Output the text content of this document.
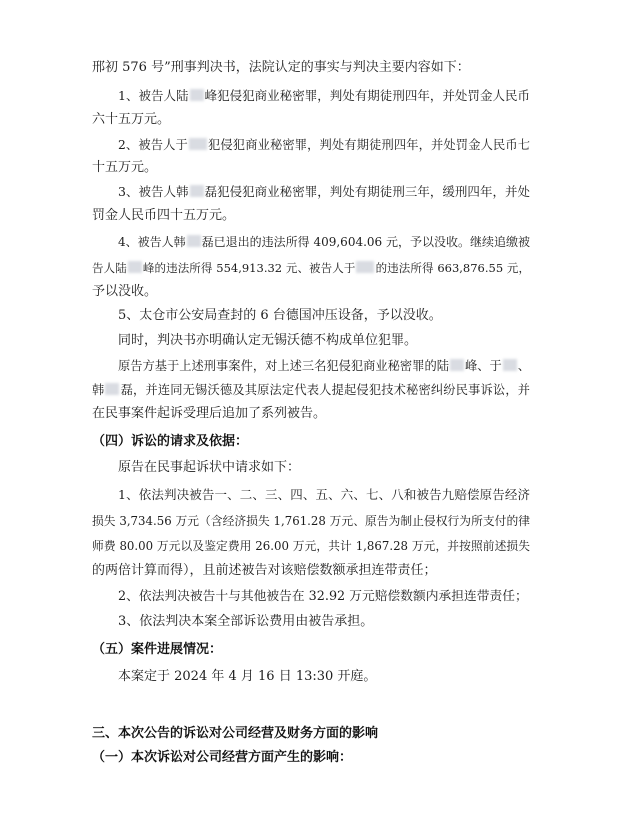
邢初 576 号”刑事判决书，法院认定的事实与判决主要内容如下：
1、被告人陆 峰犯侵犯商业秘密罪，判处有期徒刑四年，并处罚金人民币
六十五万元。
2、被告人于 犯侵犯商业秘密罪，判处有期徒刑四年，并处罚金人民币七
十五万元。
3、被告人韩 磊犯侵犯商业秘密罪，判处有期徒刑三年，缓刑四年，并处
罚金人民币四十五万元。
4、被告人韩 磊已退出的违法所得 409,604.06 元，予以没收。继续追缴被
告人陆 峰的违法所得 554,913.32 元、被告人于 的违法所得 663,876.55 元，
予以没收。
5、太仓市公安局查封的 6 台德国冲压设备，予以没收。
同时，判决书亦明确认定无锡沃德不构成单位犯罪。
原告方基于上述刑事案件，对上述三名犯侵犯商业秘密罪的陆 峰、于 、
韩 磊，并连同无锡沃德及其原法定代表人提起侵犯技术秘密纠纷民事诉讼，并
在民事案件起诉受理后追加了系列被告。
（四）诉讼的请求及依据：
原告在民事起诉状中请求如下：
1、依法判决被告一、二、三、四、五、六、七、八和被告九赔偿原告经济
损失 3,734.56 万元（含经济损失 1,761.28 万元、原告为制止侵权行为所支付的律
师费 80.00 万元以及鉴定费用 26.00 万元，共计 1,867.28 万元，并按照前述损失
的两倍计算而得），且前述被告对该赔偿数额承担连带责任；
2、依法判决被告十与其他被告在 32.92 万元赔偿数额内承担连带责任；
3、依法判决本案全部诉讼费用由被告承担。
（五）案件进展情况：
本案定于 2024 年 4 月 16 日 13:30 开庭。
三、本次公告的诉讼对公司经营及财务方面的影响
（一）本次诉讼对公司经营方面产生的影响：
